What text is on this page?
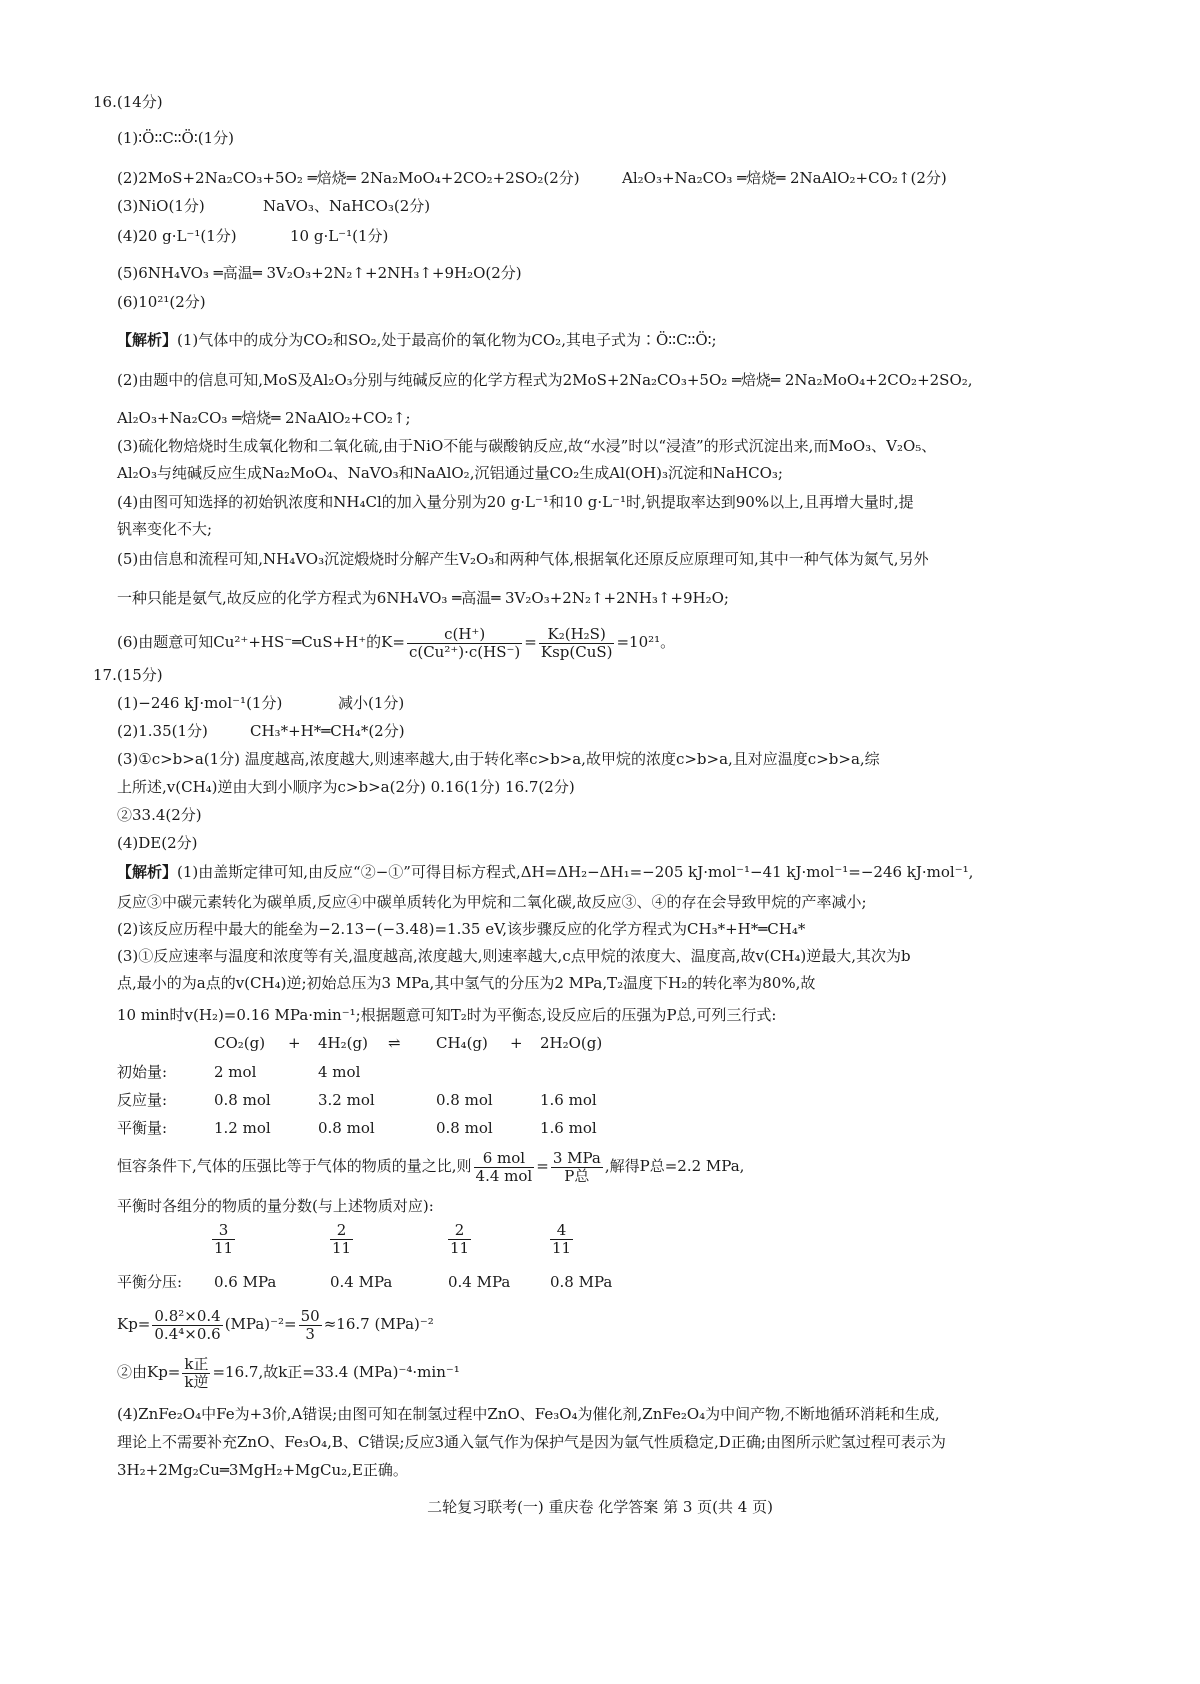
16.(14分)
(1)∶Ö∶∶C∶∶Ö∶(1分)
(2)2MoS+2Na₂CO₃+5O₂ ═焙烧═ 2Na₂MoO₄+2CO₂+2SO₂(2分)	Al₂O₃+Na₂CO₃ ═焙烧═ 2NaAlO₂+CO₂↑(2分)
(3)NiO(1分)	NaVO₃、NaHCO₃(2分)
(4)20 g·L⁻¹(1分)	10 g·L⁻¹(1分)
(5)6NH₄VO₃ ═高温═ 3V₂O₃+2N₂↑+2NH₃↑+9H₂O(2分)
(6)10²¹(2分)
【解析】(1)气体中的成分为CO₂和SO₂,处于最高价的氧化物为CO₂,其电子式为∶Ö∶∶C∶∶Ö∶;
(2)由题中的信息可知,MoS及Al₂O₃分别与纯碱反应的化学方程式为2MoS+2Na₂CO₃+5O₂ ═焙烧═ 2Na₂MoO₄+2CO₂+2SO₂,
Al₂O₃+Na₂CO₃ ═焙烧═ 2NaAlO₂+CO₂↑;
(3)硫化物焙烧时生成氧化物和二氧化硫,由于NiO不能与碳酸钠反应,故“水浸”时以“浸渣”的形式沉淀出来,而MoO₃、V₂O₅、
Al₂O₃与纯碱反应生成Na₂MoO₄、NaVO₃和NaAlO₂,沉铝通过量CO₂生成Al(OH)₃沉淀和NaHCO₃;
(4)由图可知选择的初始钒浓度和NH₄Cl的加入量分别为20 g·L⁻¹和10 g·L⁻¹时,钒提取率达到90%以上,且再增大量时,提
钒率变化不大;
(5)由信息和流程可知,NH₄VO₃沉淀煅烧时分解产生V₂O₃和两种气体,根据氧化还原反应原理可知,其中一种气体为氮气,另外
一种只能是氨气,故反应的化学方程式为6NH₄VO₃ ═高温═ 3V₂O₃+2N₂↑+2NH₃↑+9H₂O;
(6)由题意可知Cu²⁺+HS⁻═CuS+H⁺的$K= \frac{c(H^+)}{\text{c(Cu²⁺)·c(HS⁻)}} = \frac{\text{K₂(H₂S)}}{\text{Ksp(CuS)}} =10^{21}$。
17.(15分)
(1)−246 kJ·mol⁻¹(1分)	减小(1分)
(2)1.35(1分)	CH₃*+H*═CH₄*(2分)
(3)①c>b>a(1分) 温度越高,浓度越大,则速率越大,由于转化率c>b>a,故甲烷的浓度c>b>a,且对应温度c>b>a,综
上所述,v(CH₄)逆由大到小顺序为c>b>a(2分) 0.16(1分) 16.7(2分)
②33.4(2分)
(4)DE(2分)
【解析】(1)由盖斯定律可知,由反应“②−①”可得目标方程式,ΔH=ΔH₂−ΔH₁=−205 kJ·mol⁻¹−41 kJ·mol⁻¹=−246 kJ·mol⁻¹,
反应③中碳元素转化为碳单质,反应④中碳单质转化为甲烷和二氧化碳,故反应③、④的存在会导致甲烷的产率减小;
(2)该反应历程中最大的能垒为−2.13−(−3.48)=1.35 eV,该步骤反应的化学方程式为CH₃*+H*═CH₄*
(3)①反应速率与温度和浓度等有关,温度越高,浓度越大,则速率越大,c点甲烷的浓度大、温度高,故v(CH₄)逆最大,其次为b
点,最小的为a点的v(CH₄)逆;初始总压为3 MPa,其中氢气的分压为2 MPa,T₂温度下H₂的转化率为80%,故
10 min时v(H₂)=0.16 MPa·min⁻¹;根据题意可知T₂时为平衡态,设反应后的压强为P总,可列三行式:
CO₂(g) + 4H₂(g) ⇌ CH₄(g) + 2H₂O(g)
初始量:	2 mol	4 mol
反应量:	0.8 mol	3.2 mol	0.8 mol	1.6 mol
平衡量:	1.2 mol	0.8 mol	0.8 mol	1.6 mol
恒容条件下,气体的压强比等于气体的物质的量之比,则 $\frac{\text{6 mol}}{\text{4.4 mol}} = \frac{\text{3 MPa}}{\text{P总}}$ ,解得P总=2.2 MPa,
平衡时各组分的物质的量分数(与上述物质对应):
$\frac{3}{11}$	$\frac{2}{11}$	$\frac{2}{11}$	$\frac{4}{11}$
平衡分压: 0.6 MPa	0.4 MPa	0.4 MPa	0.8 MPa
$Kp= \frac{\text{0.8²×0.4}}{\text{0.4⁴×0.6}} (MPa)^{-2}= \frac{50}{3} \approx 16.7$ (MPa)⁻²
②由$Kp= \frac{\text{k正}}{\text{k逆}} =16.7$,故k正=33.4 (MPa)⁻⁴·min⁻¹
(4)ZnFe₂O₄中Fe为+3价,A错误;由图可知在制氢过程中ZnO、Fe₃O₄为催化剂,ZnFe₂O₄为中间产物,不断地循环消耗和生成,
理论上不需要补充ZnO、Fe₃O₄,B、C错误;反应3通入氩气作为保护气是因为氩气性质稳定,D正确;由图所示贮氢过程可表示为
3H₂+2Mg₂Cu═3MgH₂+MgCu₂,E正确。
二轮复习联考(一) 重庆卷 化学答案 第 3 页(共 4 页)
